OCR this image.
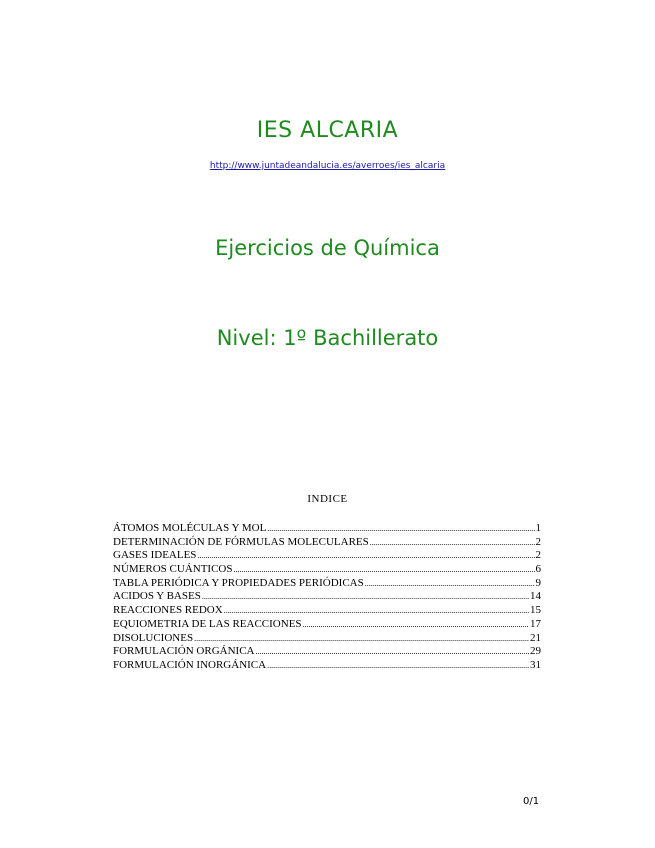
IES ALCARIA
http://www.juntadeandalucia.es/averroes/ies_alcaria
Ejercicios de Química
Nivel: 1º Bachillerato
INDICE
ÁTOMOS MOLÉCULAS Y MOL .....	1
DETERMINACIÓN DE FÓRMULAS MOLECULARES .....	2
GASES IDEALES .....	2
NÚMEROS CUÁNTICOS .....	6
TABLA PERIÓDICA Y PROPIEDADES PERIÓDICAS .....	9
ACIDOS Y BASES .....	14
REACCIONES REDOX .....	15
EQUIOMETRIA DE LAS REACCIONES .....	17
DISOLUCIONES .....	21
FORMULACIÓN ORGÁNICA .....	29
FORMULACIÓN INORGÁNICA .....	31
0/1
